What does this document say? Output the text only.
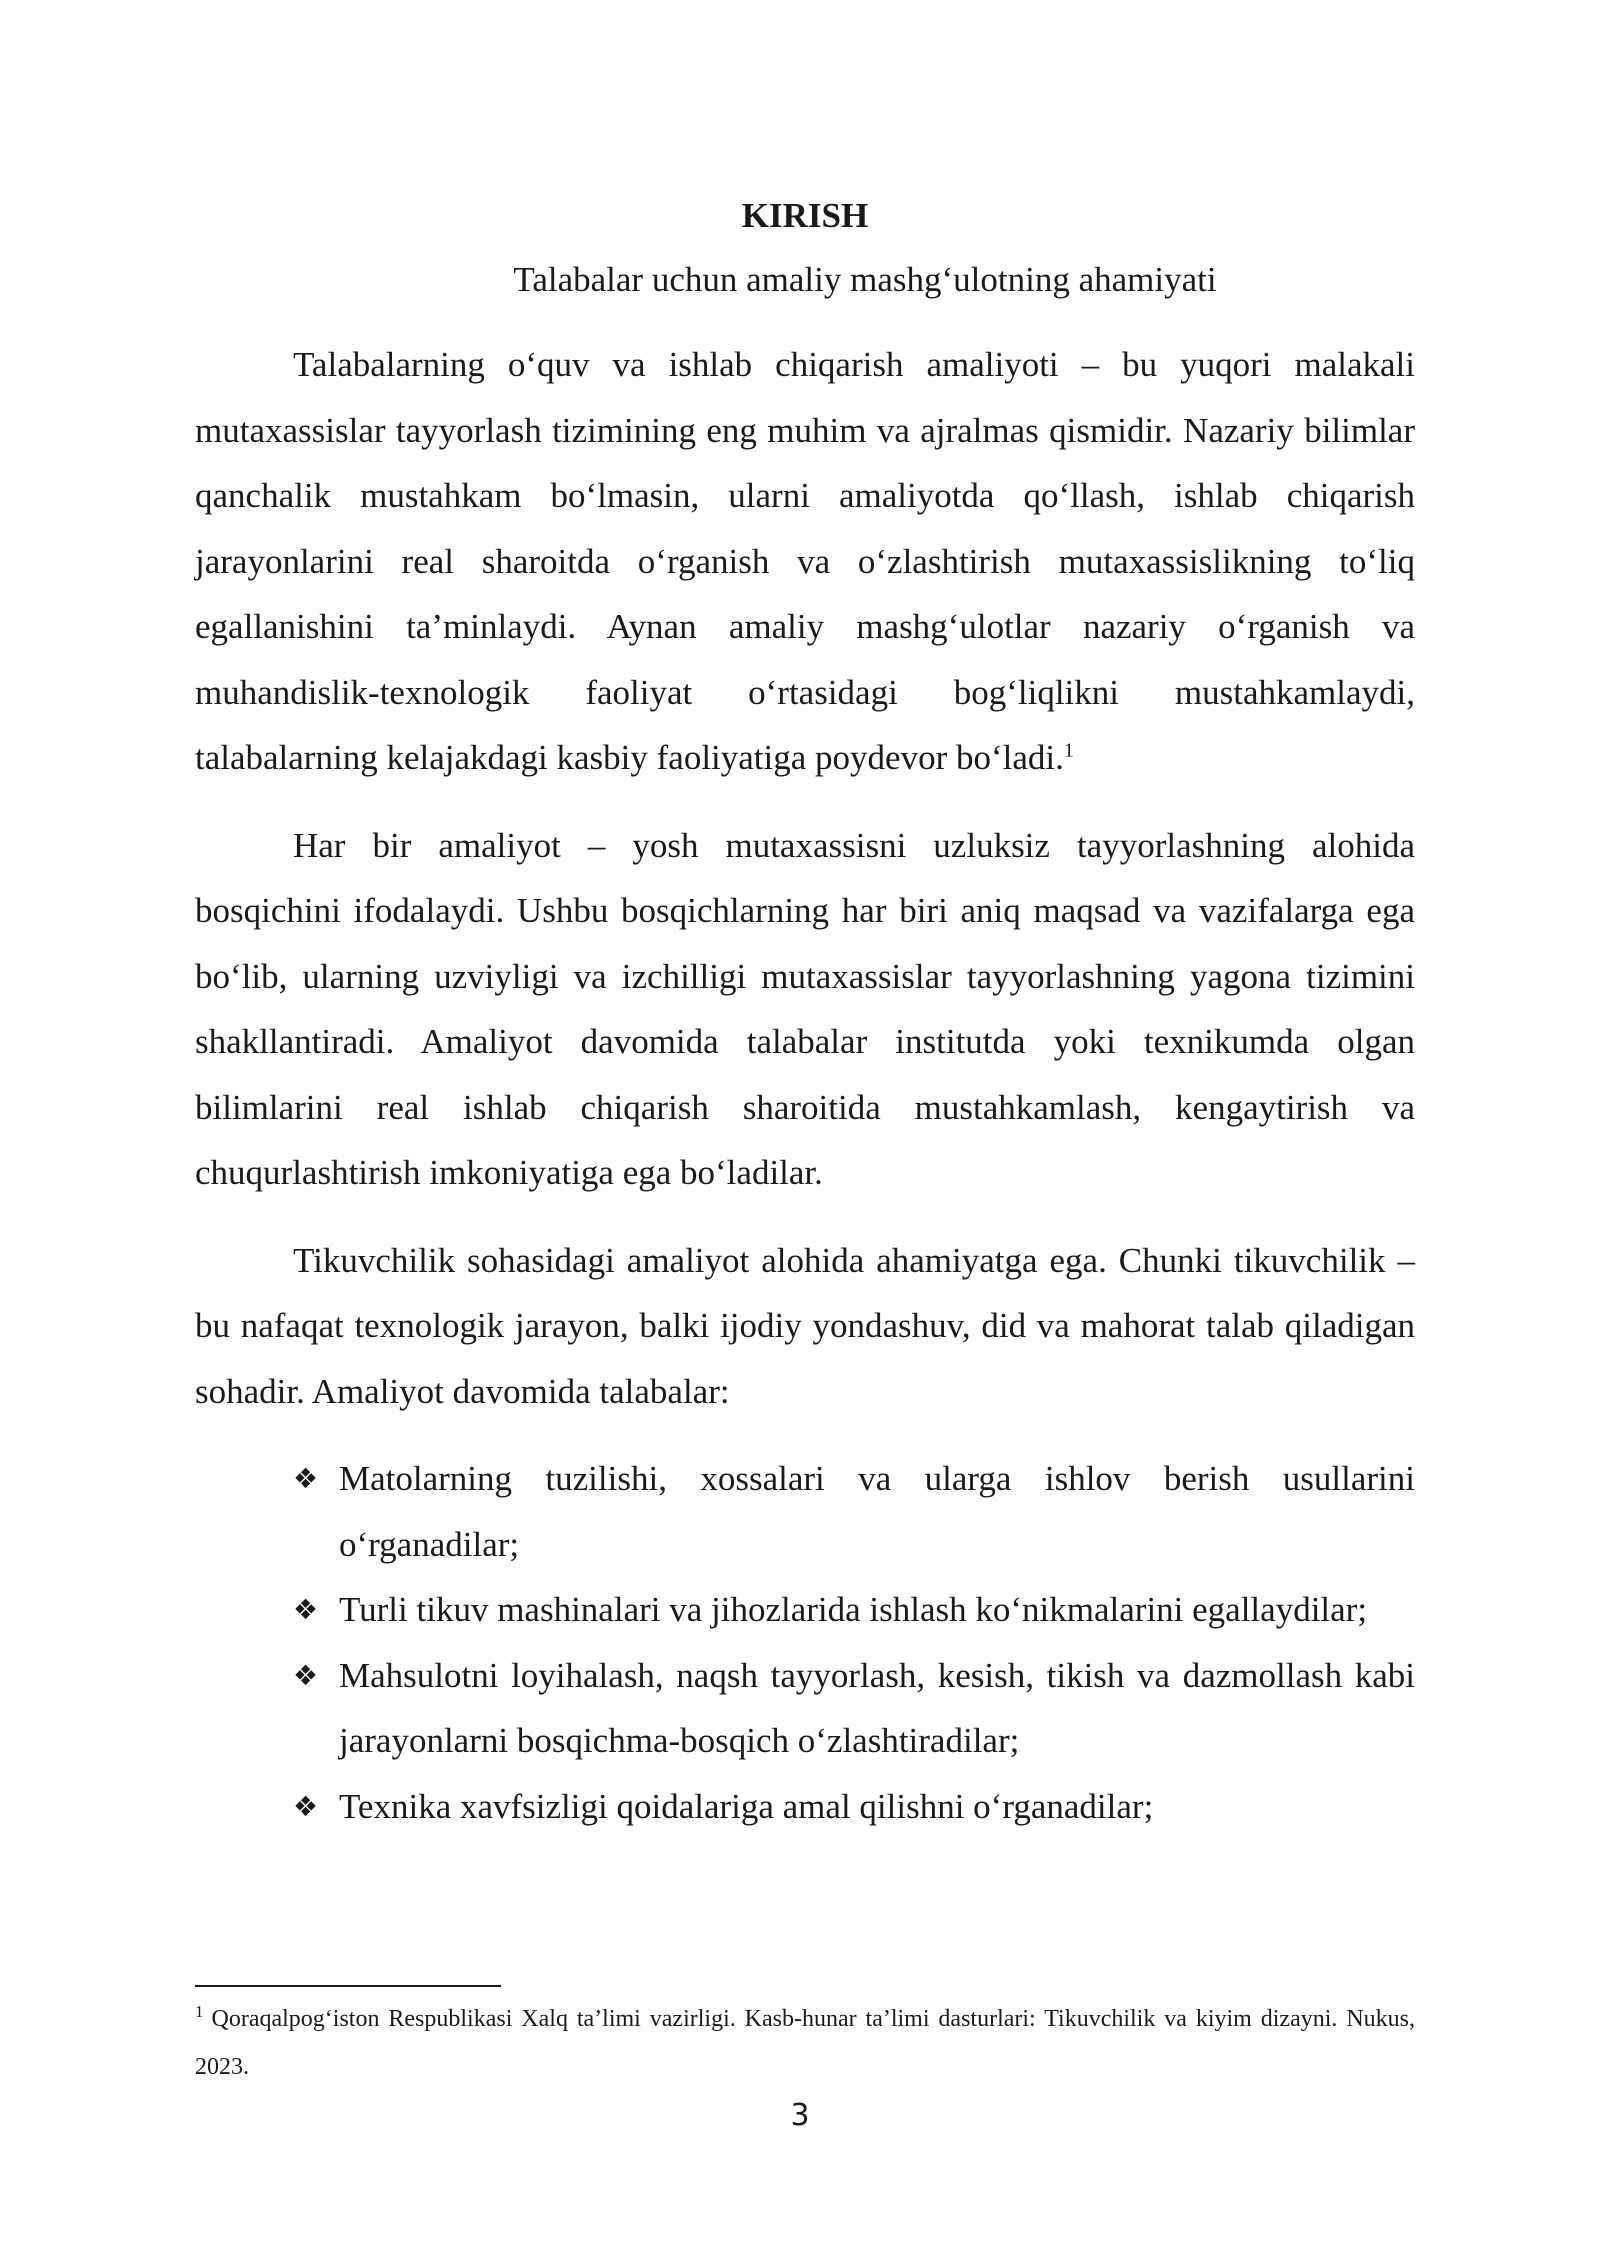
KIRISH
Talabalar uchun amaliy mashg‘ulotning ahamiyati

Talabalarning o‘quv va ishlab chiqarish amaliyoti – bu yuqori malakali mutaxassislar tayyorlash tizimining eng muhim va ajralmas qismidir. Nazariy bilimlar qanchalik mustahkam bo‘lmasin, ularni amaliyotda qo‘llash, ishlab chiqarish jarayonlarini real sharoitda o‘rganish va o‘zlashtirish mutaxassislikning to‘liq egallanishini ta’minlaydi. Aynan amaliy mashg‘ulotlar nazariy o‘rganish va muhandislik-texnologik faoliyat o‘rtasidagi bog‘liqlikni mustahkamlaydi, talabalarning kelajakdagi kasbiy faoliyatiga poydevor bo‘ladi.$^1$

Har bir amaliyot – yosh mutaxassisni uzluksiz tayyorlashning alohida bosqichini ifodalaydi. Ushbu bosqichlarning har biri aniq maqsad va vazifalarga ega bo‘lib, ularning uzviyligi va izchilligi mutaxassislar tayyorlashning yagona tizimini shakllantiradi. Amaliyot davomida talabalar institutda yoki texnikumda olgan bilimlarini real ishlab chiqarish sharoitida mustahkamlash, kengaytirish va chuqurlashtirish imkoniyatiga ega bo‘ladilar.

Tikuvchilik sohasidagi amaliyot alohida ahamiyatga ega. Chunki tikuvchilik – bu nafaqat texnologik jarayon, balki ijodiy yondashuv, did va mahorat talab qiladigan sohadir. Amaliyot davomida talabalar:

❖ Matolarning tuzilishi, xossalari va ularga ishlov berish usullarini o‘rganadilar;
❖ Turli tikuv mashinalari va jihozlarida ishlash ko‘nikmalarini egallaydilar;
❖ Mahsulotni loyihalash, naqsh tayyorlash, kesish, tikish va dazmollash kabi jarayonlarni bosqichma-bosqich o‘zlashtiradilar;
❖ Texnika xavfsizligi qoidalariga amal qilishni o‘rganadilar;
$^1$ Qoraqalpog‘iston Respublikasi Xalq ta’limi vazirligi. Kasb-hunar ta’limi dasturlari: Tikuvchilik va kiyim dizayni. Nukus, 2023.
3
